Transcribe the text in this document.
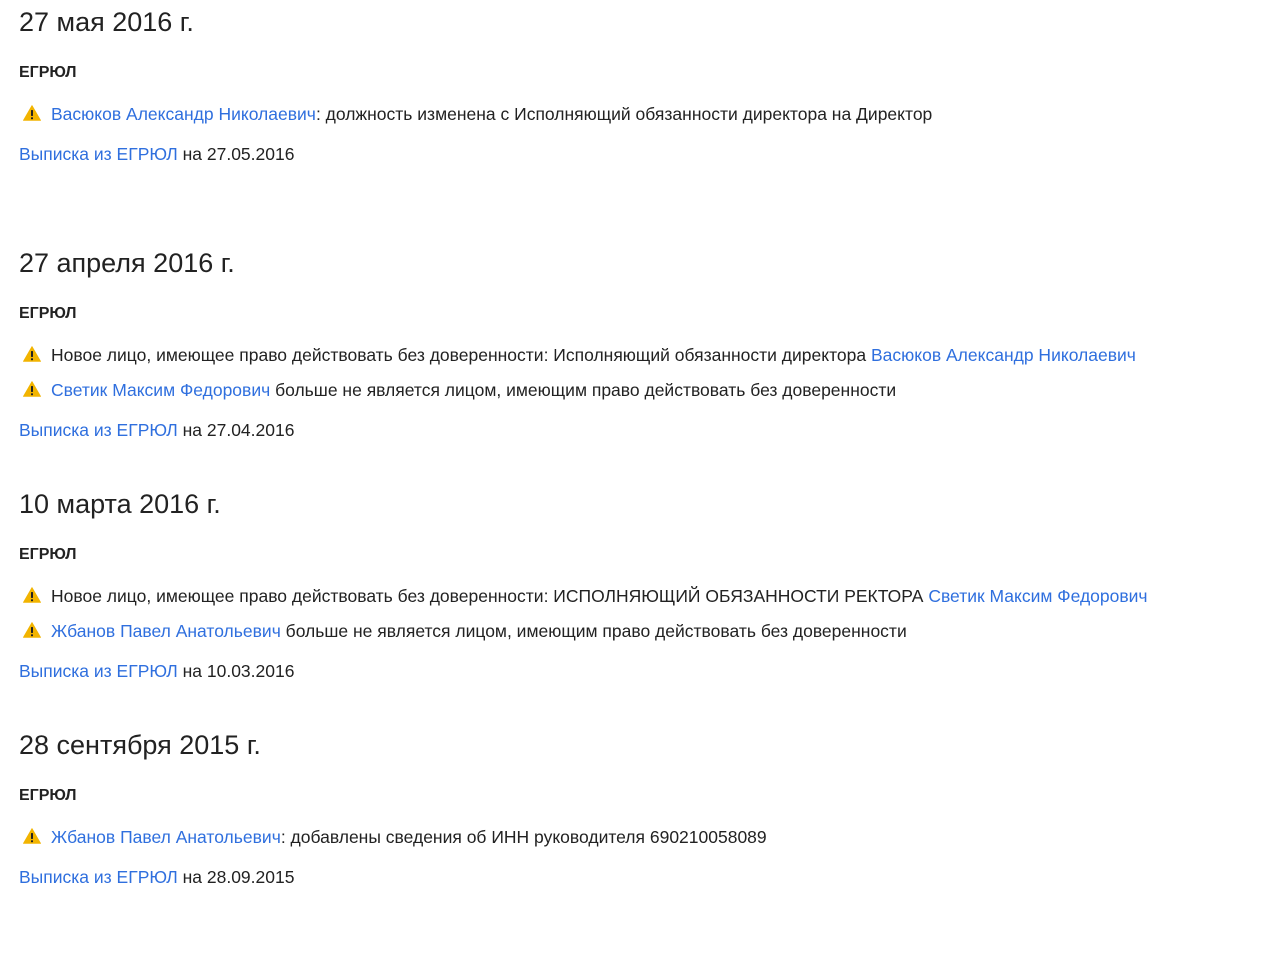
27 мая 2016 г.
ЕГРЮЛ
Васюков Александр Николаевич: должность изменена с Исполняющий обязанности директора на Директор
Выписка из ЕГРЮЛ на 27.05.2016
27 апреля 2016 г.
ЕГРЮЛ
Новое лицо, имеющее право действовать без доверенности: Исполняющий обязанности директора Васюков Александр Николаевич
Светик Максим Федорович больше не является лицом, имеющим право действовать без доверенности
Выписка из ЕГРЮЛ на 27.04.2016
10 марта 2016 г.
ЕГРЮЛ
Новое лицо, имеющее право действовать без доверенности: ИСПОЛНЯЮЩИЙ ОБЯЗАННОСТИ РЕКТОРА Светик Максим Федорович
Жбанов Павел Анатольевич больше не является лицом, имеющим право действовать без доверенности
Выписка из ЕГРЮЛ на 10.03.2016
28 сентября 2015 г.
ЕГРЮЛ
Жбанов Павел Анатольевич: добавлены сведения об ИНН руководителя 690210058089
Выписка из ЕГРЮЛ на 28.09.2015
